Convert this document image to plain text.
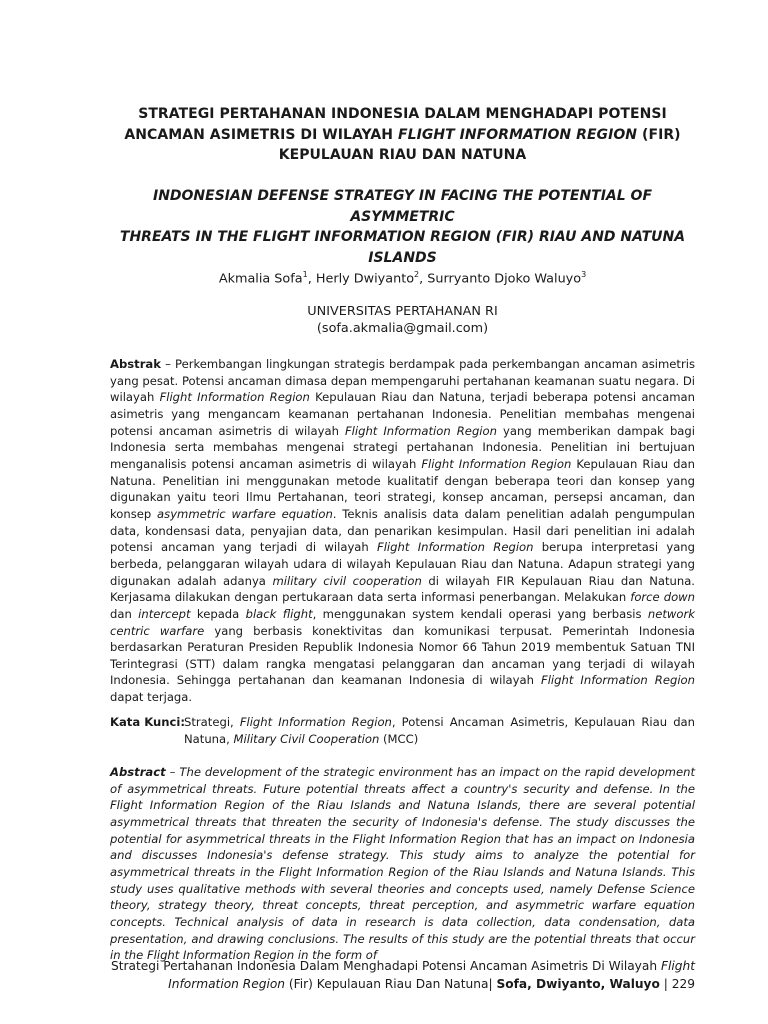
STRATEGI PERTAHANAN INDONESIA DALAM MENGHADAPI POTENSI
ANCAMAN ASIMETRIS DI WILAYAH FLIGHT INFORMATION REGION (FIR)
KEPULAUAN RIAU DAN NATUNA
INDONESIAN DEFENSE STRATEGY IN FACING THE POTENTIAL OF ASYMMETRIC
THREATS IN THE FLIGHT INFORMATION REGION (FIR) RIAU AND NATUNA
ISLANDS
Akmalia Sofa$^1$, Herly Dwiyanto$^2$, Surryanto Djoko Waluyo$^3$
UNIVERSITAS PERTAHANAN RI
(sofa.akmalia@gmail.com)

Abstrak – Perkembangan lingkungan strategis berdampak pada perkembangan ancaman asimetris yang pesat. Potensi ancaman dimasa depan mempengaruhi pertahanan keamanan suatu negara. Di wilayah Flight Information Region Kepulauan Riau dan Natuna, terjadi beberapa potensi ancaman asimetris yang mengancam keamanan pertahanan Indonesia. Penelitian membahas mengenai potensi ancaman asimetris di wilayah Flight Information Region yang memberikan dampak bagi Indonesia serta membahas mengenai strategi pertahanan Indonesia. Penelitian ini bertujuan menganalisis potensi ancaman asimetris di wilayah Flight Information Region Kepulauan Riau dan Natuna. Penelitian ini menggunakan metode kualitatif dengan beberapa teori dan konsep yang digunakan yaitu teori Ilmu Pertahanan, teori strategi, konsep ancaman, persepsi ancaman, dan konsep asymmetric warfare equation. Teknis analisis data dalam penelitian adalah pengumpulan data, kondensasi data, penyajian data, dan penarikan kesimpulan. Hasil dari penelitian ini adalah potensi ancaman yang terjadi di wilayah Flight Information Region berupa interpretasi yang berbeda, pelanggaran wilayah udara di wilayah Kepulauan Riau dan Natuna. Adapun strategi yang digunakan adalah adanya military civil cooperation di wilayah FIR Kepulauan Riau dan Natuna. Kerjasama dilakukan dengan pertukaraan data serta informasi penerbangan. Melakukan force down dan intercept kepada black flight, menggunakan system kendali operasi yang berbasis network centric warfare yang berbasis konektivitas dan komunikasi terpusat. Pemerintah Indonesia berdasarkan Peraturan Presiden Republik Indonesia Nomor 66 Tahun 2019 membentuk Satuan TNI Terintegrasi (STT) dalam rangka mengatasi pelanggaran dan ancaman yang terjadi di wilayah Indonesia. Sehingga pertahanan dan keamanan Indonesia di wilayah Flight Information Region dapat terjaga.

Kata Kunci: Strategi, Flight Information Region, Potensi Ancaman Asimetris, Kepulauan Riau dan Natuna, Military Civil Cooperation (MCC)

Abstract – The development of the strategic environment has an impact on the rapid development of asymmetrical threats. Future potential threats affect a country's security and defense. In the Flight Information Region of the Riau Islands and Natuna Islands, there are several potential asymmetrical threats that threaten the security of Indonesia's defense. The study discusses the potential for asymmetrical threats in the Flight Information Region that has an impact on Indonesia and discusses Indonesia's defense strategy. This study aims to analyze the potential for asymmetrical threats in the Flight Information Region of the Riau Islands and Natuna Islands. This study uses qualitative methods with several theories and concepts used, namely Defense Science theory, strategy theory, threat concepts, threat perception, and asymmetric warfare equation concepts. Technical analysis of data in research is data collection, data condensation, data presentation, and drawing conclusions. The results of this study are the potential threats that occur in the Flight Information Region in the form of

Strategi Pertahanan Indonesia Dalam Menghadapi Potensi Ancaman Asimetris Di Wilayah Flight
Information Region (Fir) Kepulauan Riau Dan Natuna| Sofa, Dwiyanto, Waluyo | 229
